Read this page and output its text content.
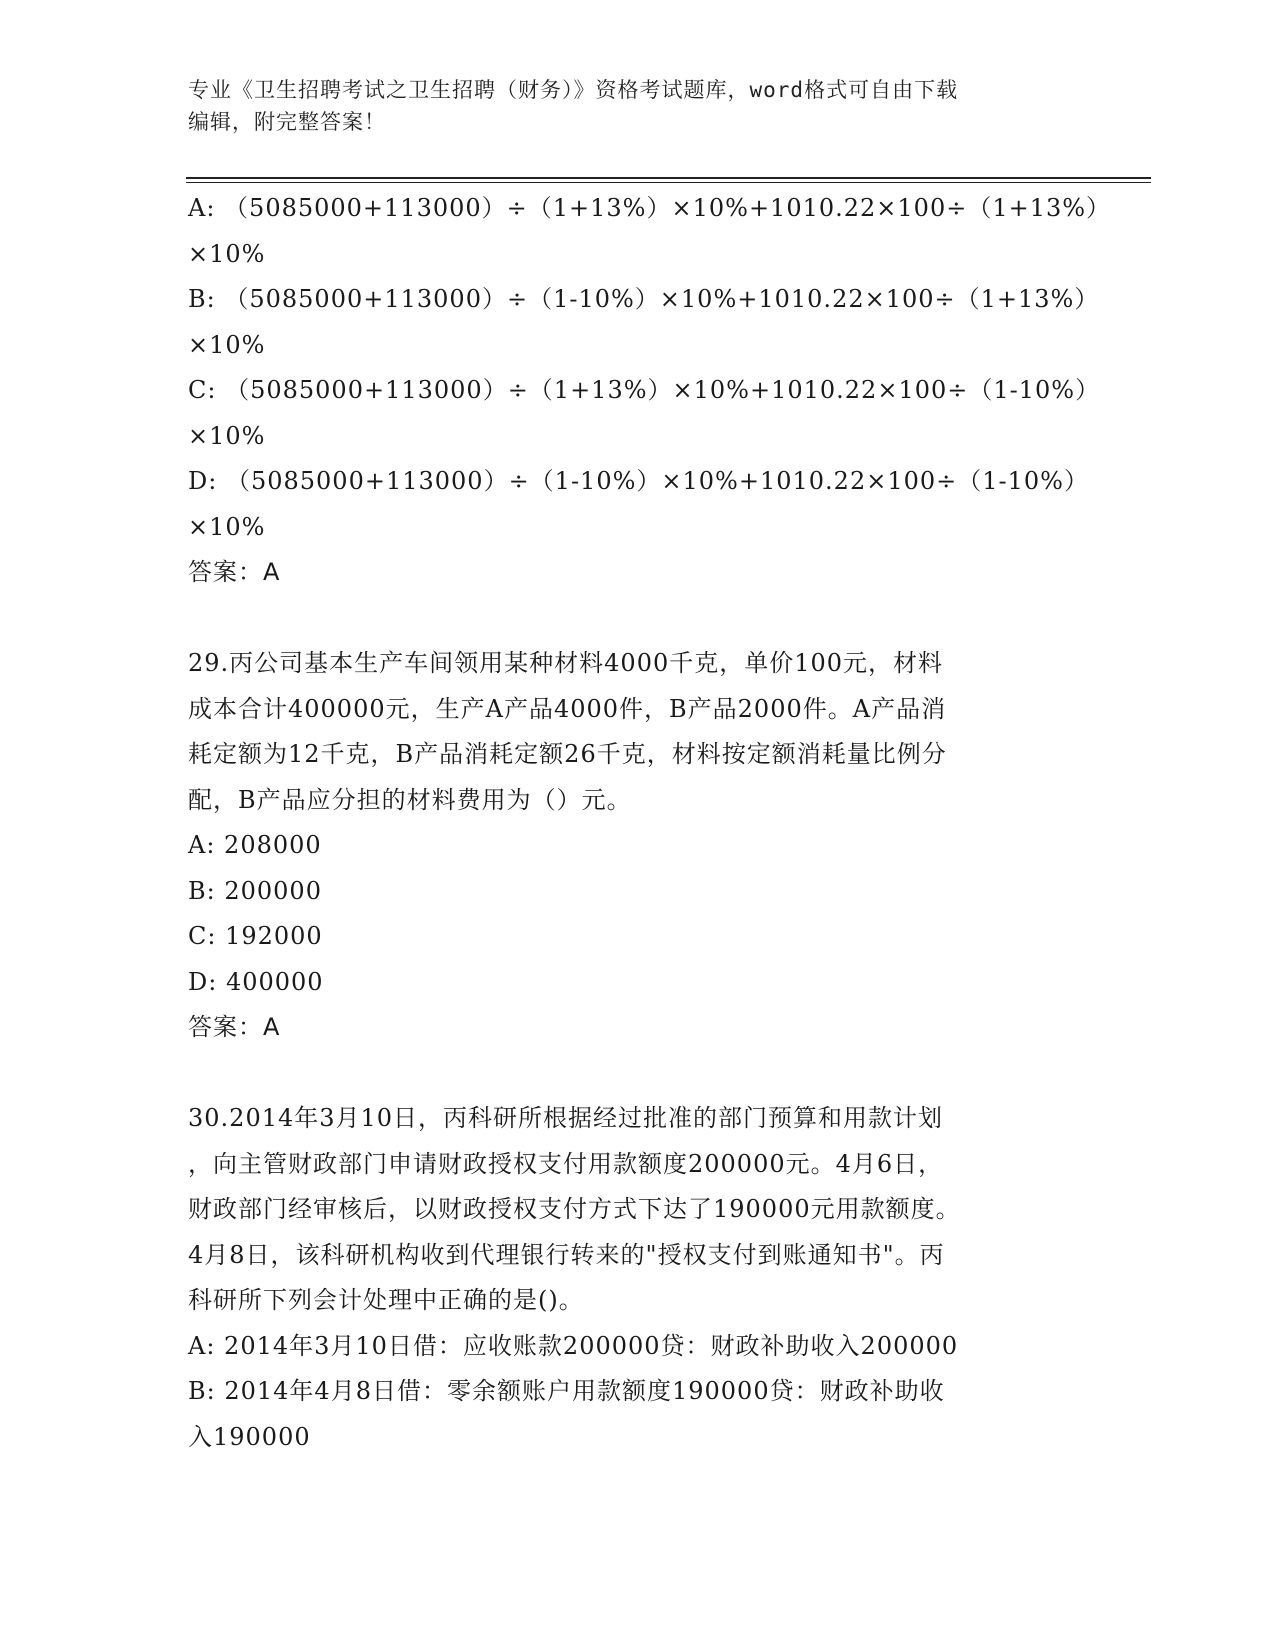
专业《卫生招聘考试之卫生招聘（财务）》资格考试题库，word格式可自由下载
编辑，附完整答案！
A: （5085000+113000）÷（1+13%）×10%+1010.22×100÷（1+13%）
×10%
B: （5085000+113000）÷（1-10%）×10%+1010.22×100÷（1+13%）
×10%
C: （5085000+113000）÷（1+13%）×10%+1010.22×100÷（1-10%）
×10%
D: （5085000+113000）÷（1-10%）×10%+1010.22×100÷（1-10%）
×10%
答案：A
29.丙公司基本生产车间领用某种材料4000千克，单价100元，材料
成本合计400000元，生产A产品4000件，B产品2000件。A产品消
耗定额为12千克，B产品消耗定额26千克，材料按定额消耗量比例分
配，B产品应分担的材料费用为（）元。
A: 208000
B: 200000
C: 192000
D: 400000
答案：A
30.2014年3月10日，丙科研所根据经过批准的部门预算和用款计划
，向主管财政部门申请财政授权支付用款额度200000元。4月6日，
财政部门经审核后，以财政授权支付方式下达了190000元用款额度。
4月8日，该科研机构收到代理银行转来的"授权支付到账通知书"。丙
科研所下列会计处理中正确的是()。
A: 2014年3月10日借：应收账款200000贷：财政补助收入200000
B: 2014年4月8日借：零余额账户用款额度190000贷：财政补助收
入190000
